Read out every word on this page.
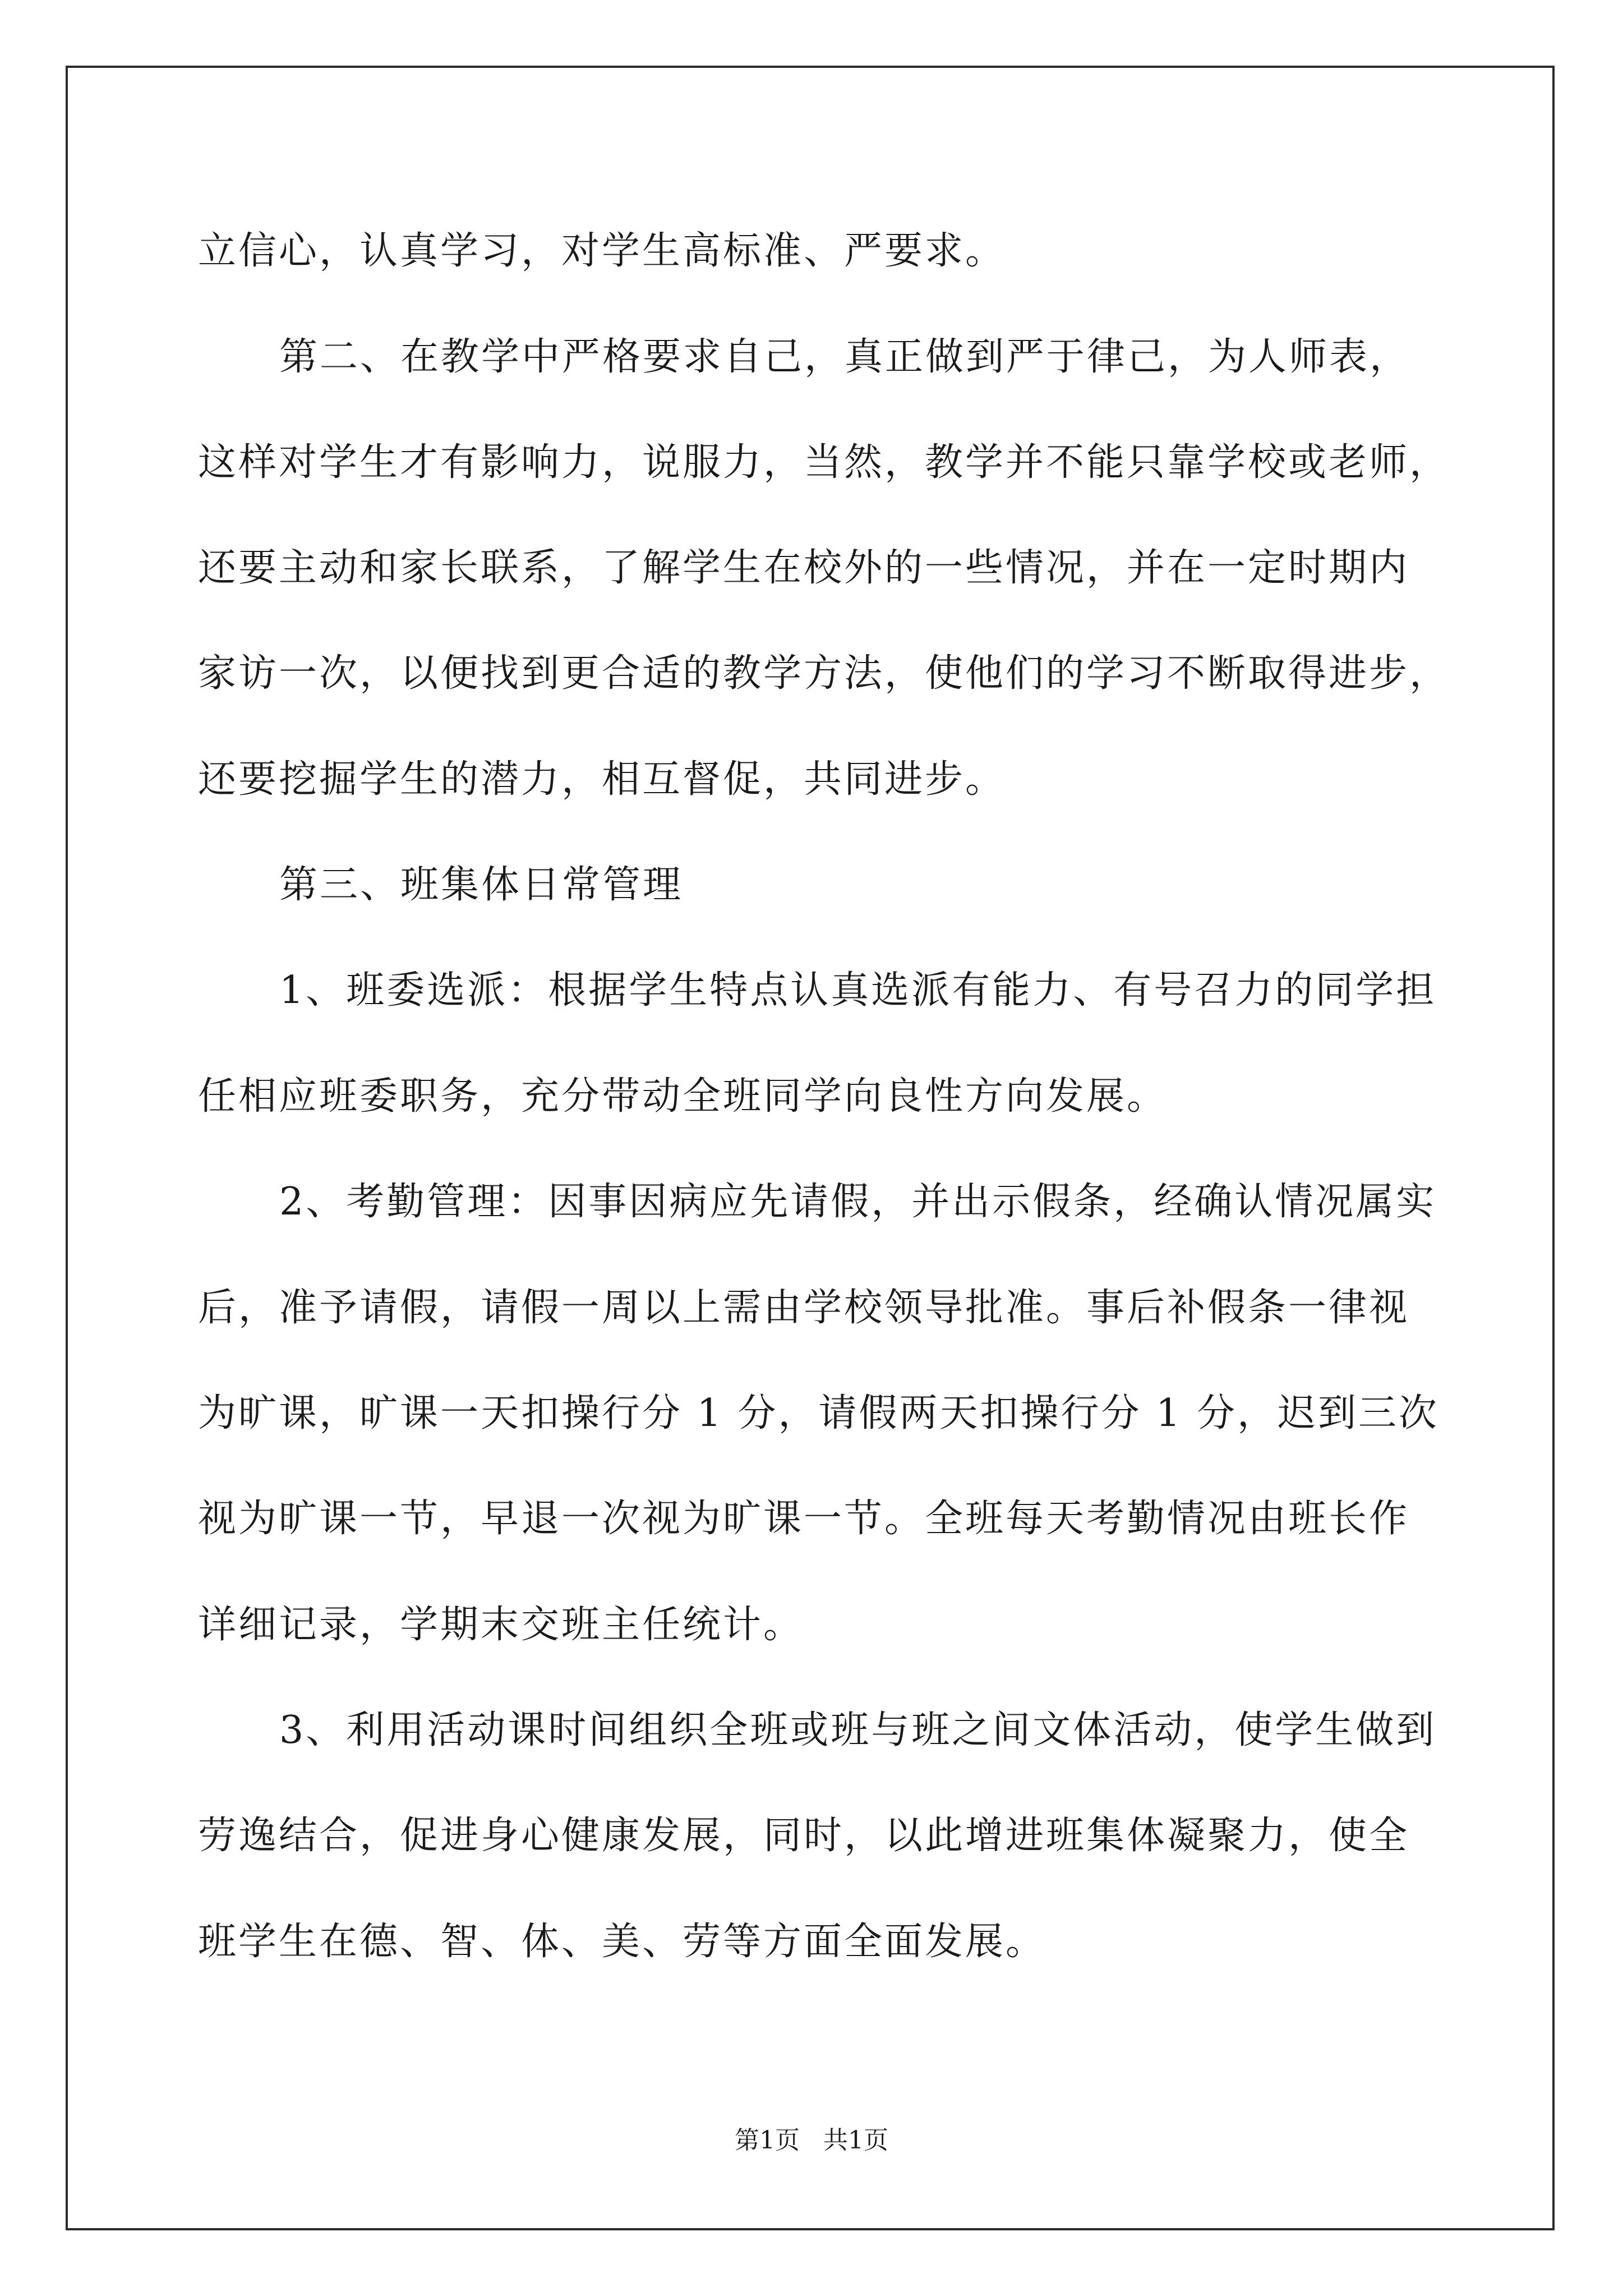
立信心，认真学习，对学生高标准、严要求。
第二、在教学中严格要求自己，真正做到严于律己，为人师表，
这样对学生才有影响力，说服力，当然，教学并不能只靠学校或老师，
还要主动和家长联系，了解学生在校外的一些情况，并在一定时期内
家访一次，以便找到更合适的教学方法，使他们的学习不断取得进步，
还要挖掘学生的潜力，相互督促，共同进步。
第三、班集体日常管理
1、班委选派：根据学生特点认真选派有能力、有号召力的同学担
任相应班委职务，充分带动全班同学向良性方向发展。
2、考勤管理：因事因病应先请假，并出示假条，经确认情况属实
后，准予请假，请假一周以上需由学校领导批准。事后补假条一律视
为旷课，旷课一天扣操行分 1 分，请假两天扣操行分 1 分，迟到三次
视为旷课一节，早退一次视为旷课一节。全班每天考勤情况由班长作
详细记录，学期末交班主任统计。
3、利用活动课时间组织全班或班与班之间文体活动，使学生做到
劳逸结合，促进身心健康发展，同时，以此增进班集体凝聚力，使全
班学生在德、智、体、美、劳等方面全面发展。
第1页   共1页
